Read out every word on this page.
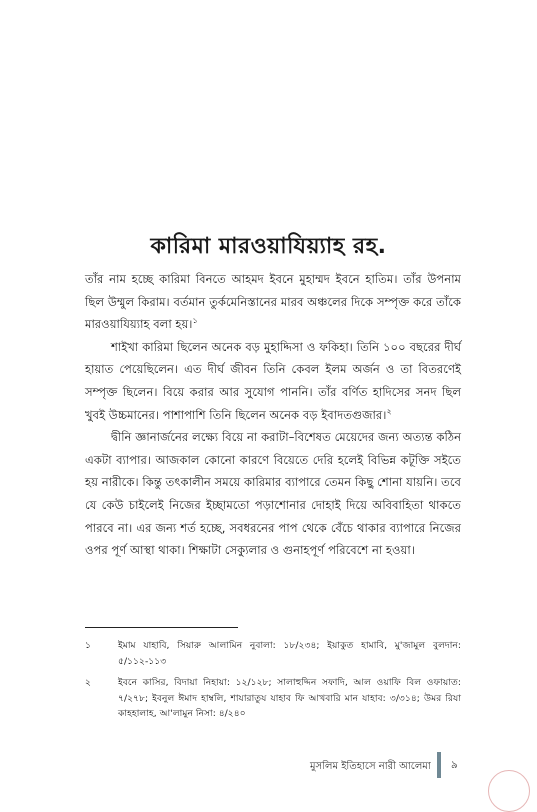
কারিমা মারওয়াযিয়্যাহ রহ.

তাঁর নাম হচ্ছে কারিমা বিনতে আহমদ ইবনে মুহাম্মদ ইবনে হাতিম। তাঁর উপনাম ছিল উম্মুল কিরাম। বর্তমান তুর্কমেনিস্তানের মারব অঞ্চলের দিকে সম্পৃক্ত করে তাঁকে মারওয়াযিয়্যাহ বলা হয়।$^১$

শাইখা কারিমা ছিলেন অনেক বড় মুহাদ্দিসা ও ফকিহা। তিনি ১০০ বছরের দীর্ঘ হায়াত পেয়েছিলেন। এত দীর্ঘ জীবন তিনি কেবল ইলম অর্জন ও তা বিতরণেই সম্পৃক্ত ছিলেন। বিয়ে করার আর সুযোগ পাননি। তাঁর বর্ণিত হাদিসের সনদ ছিল খুবই উচ্চমানের। পাশাপাশি তিনি ছিলেন অনেক বড় ইবাদতগুজার।$^২$

দ্বীনি জ্ঞানার্জনের লক্ষ্যে বিয়ে না করাটা–বিশেষত মেয়েদের জন্য অত্যন্ত কঠিন একটা ব্যাপার। আজকাল কোনো কারণে বিয়েতে দেরি হলেই বিভিন্ন কটূক্তি সইতে হয় নারীকে। কিন্তু তৎকালীন সময়ে কারিমার ব্যাপারে তেমন কিছু শোনা যায়নি। তবে যে কেউ চাইলেই নিজের ইচ্ছামতো পড়াশোনার দোহাই দিয়ে অবিবাহিতা থাকতে পারবে না। এর জন্য শর্ত হচ্ছে, সবধরনের পাপ থেকে বেঁচে থাকার ব্যাপারে নিজের ওপর পূর্ণ আস্থা থাকা। শিক্ষাটা সেক্যুলার ও গুনাহপূর্ণ পরিবেশে না হওয়া।

১	ইমাম যাহাবি, সিয়ারু আলামিন নুবালা: ১৮/২৩৪; ইয়াকুত হামাবি, মু'জামুল বুলদান: ৫/১১২-১১৩
২	ইবনে কাসির, বিদায়া নিহায়া: ১২/১২৮; সালাহুদ্দিন সফাদি, আল ওয়াফি বিল ওফায়াত: ৭/২৭৮; ইবনুল ঈমাদ হাম্বলি, শাযারাতুয যাহাব ফি আখবারি মান যাহাব: ৩/৩১৪; উমর রিযা কাহহালাহ, আ'লামুন নিসা: ৪/২৪০
মুসলিম ইতিহাসে নারী আলেমা ৯
